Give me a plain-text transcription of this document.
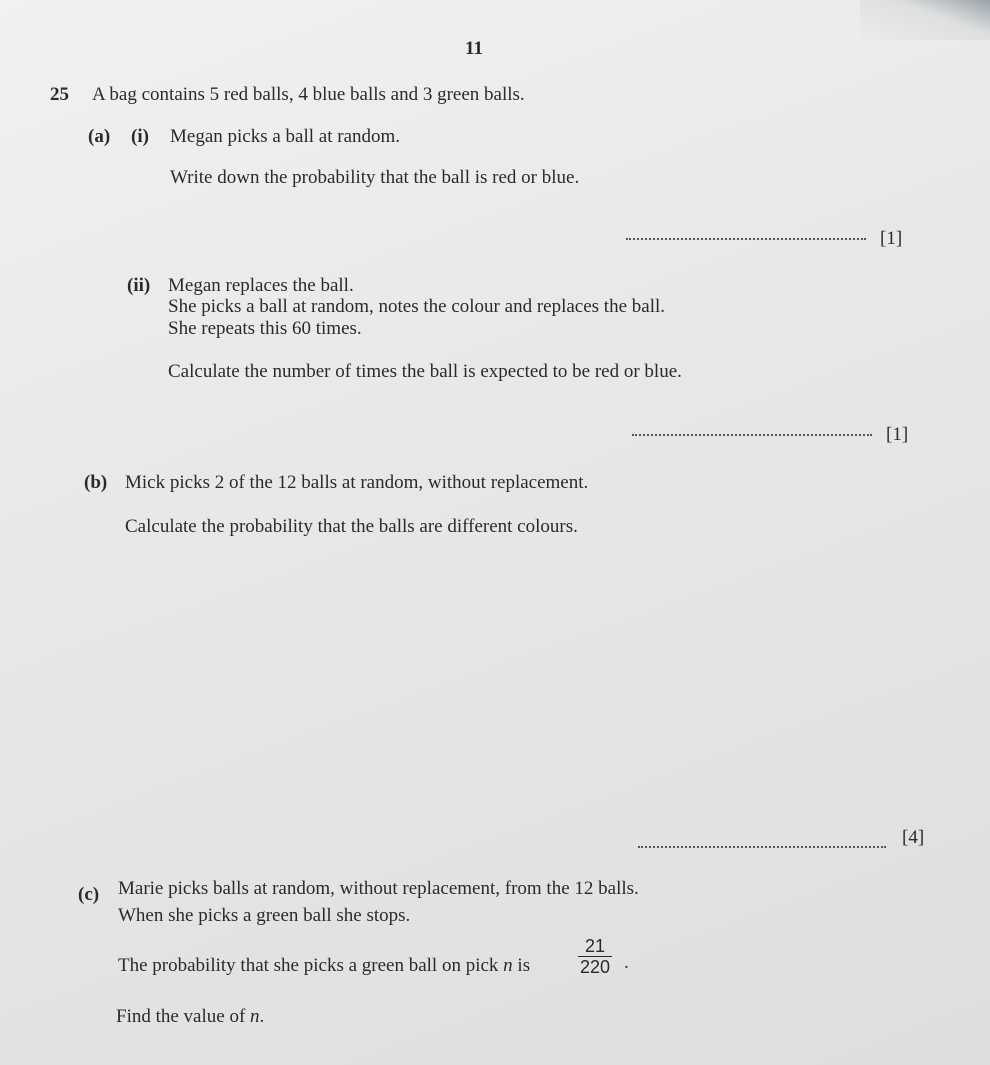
11
25 A bag contains 5 red balls, 4 blue balls and 3 green balls.
(a) (i) Megan picks a ball at random.
Write down the probability that the ball is red or blue.
[1]
(ii) Megan replaces the ball.
She picks a ball at random, notes the colour and replaces the ball.
She repeats this 60 times.
Calculate the number of times the ball is expected to be red or blue.
[1]
(b) Mick picks 2 of the 12 balls at random, without replacement.
Calculate the probability that the balls are different colours.
[4]
(c) Marie picks balls at random, without replacement, from the 12 balls.
When she picks a green ball she stops.
The probability that she picks a green ball on pick n is	$\frac{21}{220}$ .
Find the value of n.
